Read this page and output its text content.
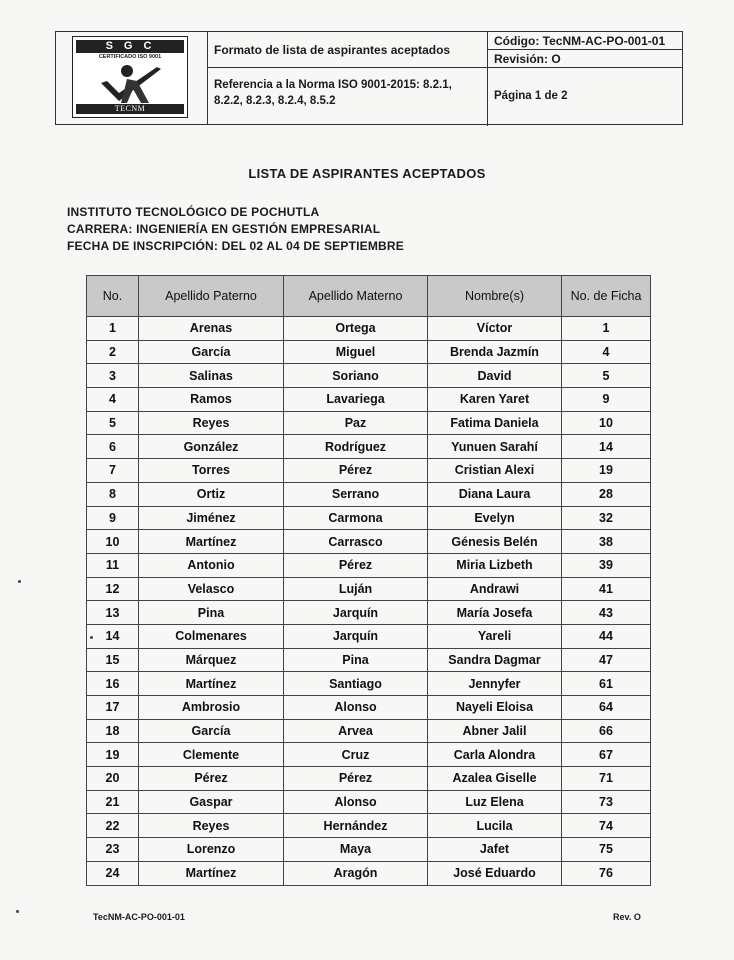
SGC
CERTIFICADO ISO 9001
TECNM
Formato de lista de aspirantes aceptados
Referencia a la Norma ISO 9001-2015: 8.2.1,
8.2.2, 8.2.3, 8.2.4, 8.5.2
Código: TecNM-AC-PO-001-01
Revisión: O
Página 1 de 2
LISTA DE ASPIRANTES ACEPTADOS
INSTITUTO TECNOLÓGICO DE POCHUTLA
CARRERA: INGENIERÍA EN GESTIÓN EMPRESARIAL
FECHA DE INSCRIPCIÓN: DEL 02 AL 04 DE SEPTIEMBRE
No.	Apellido Paterno	Apellido Materno	Nombre(s)	No. de Ficha
1	Arenas	Ortega	Víctor	1
2	García	Miguel	Brenda Jazmín	4
3	Salinas	Soriano	David	5
4	Ramos	Lavariega	Karen Yaret	9
5	Reyes	Paz	Fatima Daniela	10
6	González	Rodríguez	Yunuen Sarahí	14
7	Torres	Pérez	Cristian Alexi	19
8	Ortiz	Serrano	Diana Laura	28
9	Jiménez	Carmona	Evelyn	32
10	Martínez	Carrasco	Génesis Belén	38
11	Antonio	Pérez	Miria Lizbeth	39
12	Velasco	Luján	Andrawi	41
13	Pina	Jarquín	María Josefa	43
14	Colmenares	Jarquín	Yareli	44
15	Márquez	Pina	Sandra Dagmar	47
16	Martínez	Santiago	Jennyfer	61
17	Ambrosio	Alonso	Nayeli Eloisa	64
18	García	Arvea	Abner Jalil	66
19	Clemente	Cruz	Carla Alondra	67
20	Pérez	Pérez	Azalea Giselle	71
21	Gaspar	Alonso	Luz Elena	73
22	Reyes	Hernández	Lucila	74
23	Lorenzo	Maya	Jafet	75
24	Martínez	Aragón	José Eduardo	76
TecNM-AC-PO-001-01	Rev. O
